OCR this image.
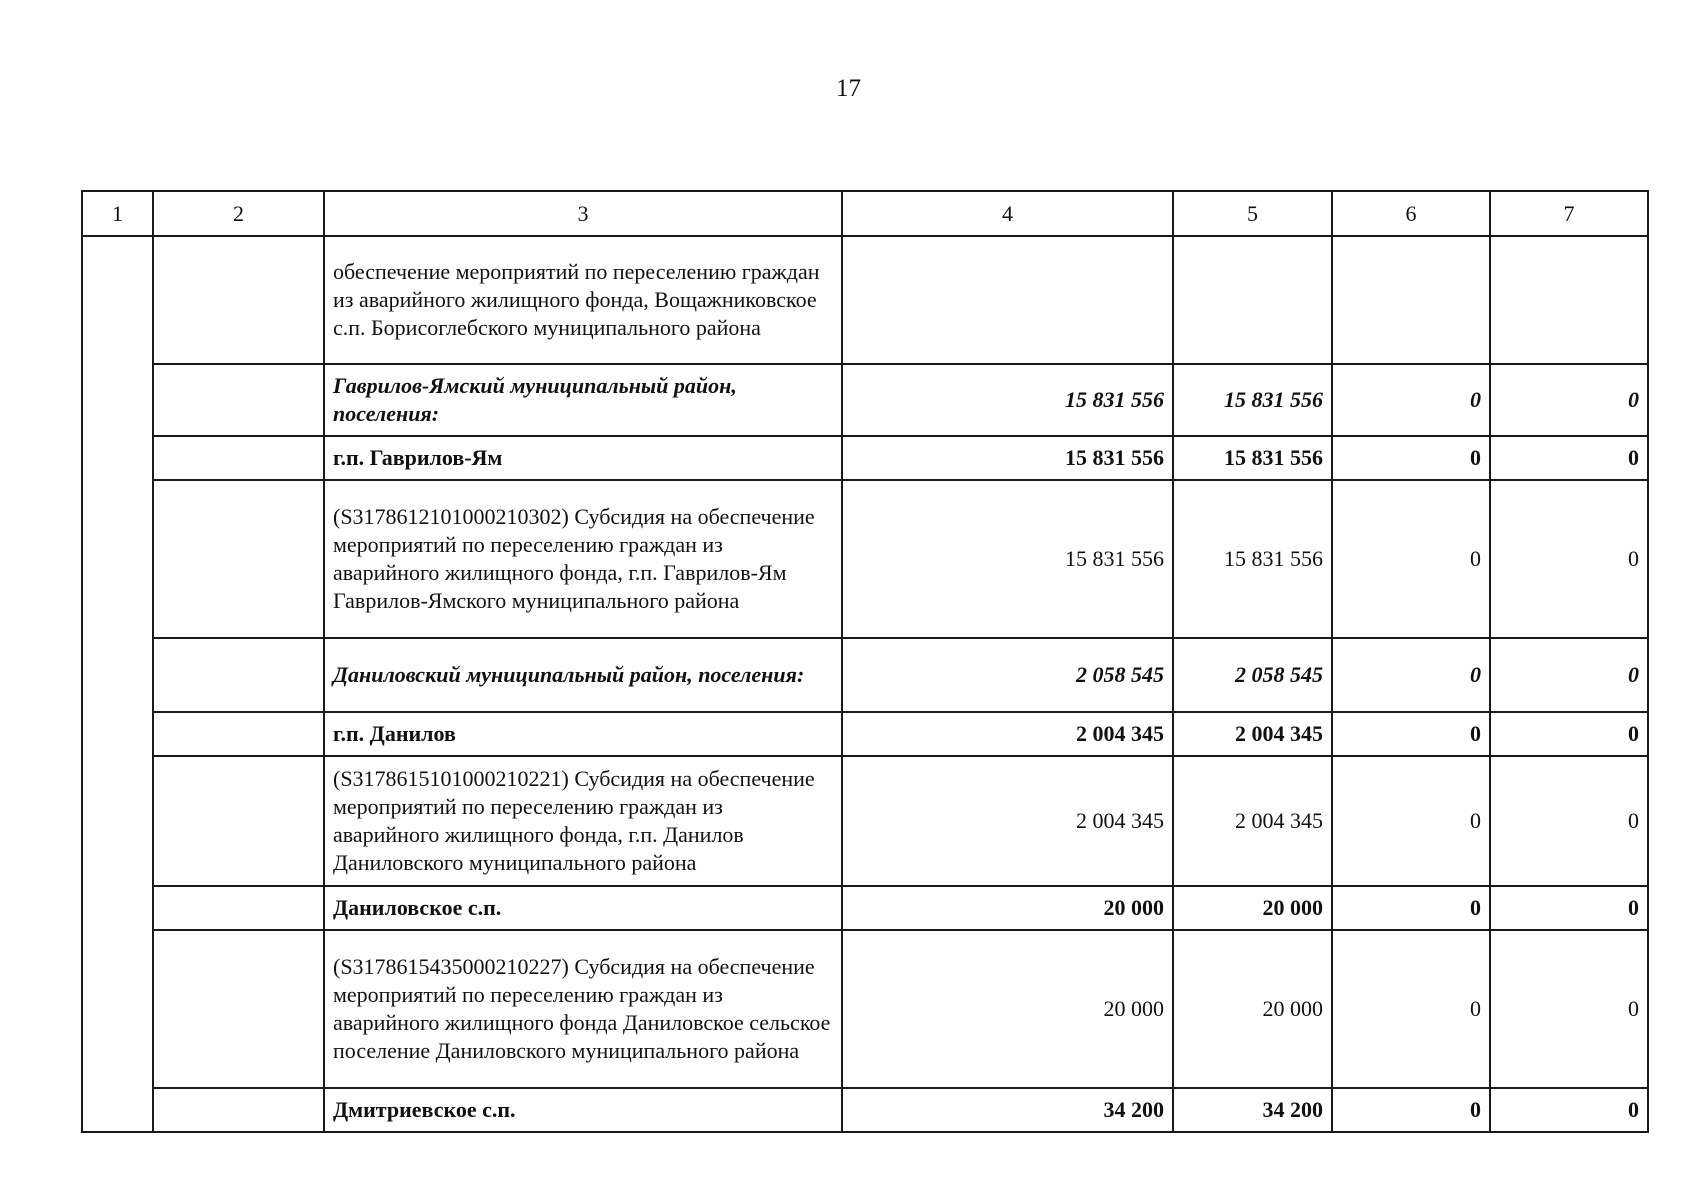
17
1	2	3	4	5	6	7
		обеспечение мероприятий по переселению граждан из аварийного жилищного фонда, Вощажниковское с.п. Борисоглебского муниципального района				
		Гаврилов-Ямский муниципальный район, поселения:	15 831 556	15 831 556	0	0
		г.п. Гаврилов-Ям	15 831 556	15 831 556	0	0
		(S3178612101000210302) Субсидия на обеспечение мероприятий по переселению граждан из аварийного жилищного фонда, г.п. Гаврилов-Ям Гаврилов-Ямского муниципального района	15 831 556	15 831 556	0	0
		Даниловский муниципальный район, поселения:	2 058 545	2 058 545	0	0
		г.п. Данилов	2 004 345	2 004 345	0	0
		(S3178615101000210221) Субсидия на обеспечение мероприятий по переселению граждан из аварийного жилищного фонда, г.п. Данилов Даниловского муниципального района	2 004 345	2 004 345	0	0
		Даниловское с.п.	20 000	20 000	0	0
		(S3178615435000210227) Субсидия на обеспечение мероприятий по переселению граждан из аварийного жилищного фонда Даниловское сельское поселение Даниловского муниципального района	20 000	20 000	0	0
		Дмитриевское с.п.	34 200	34 200	0	0
